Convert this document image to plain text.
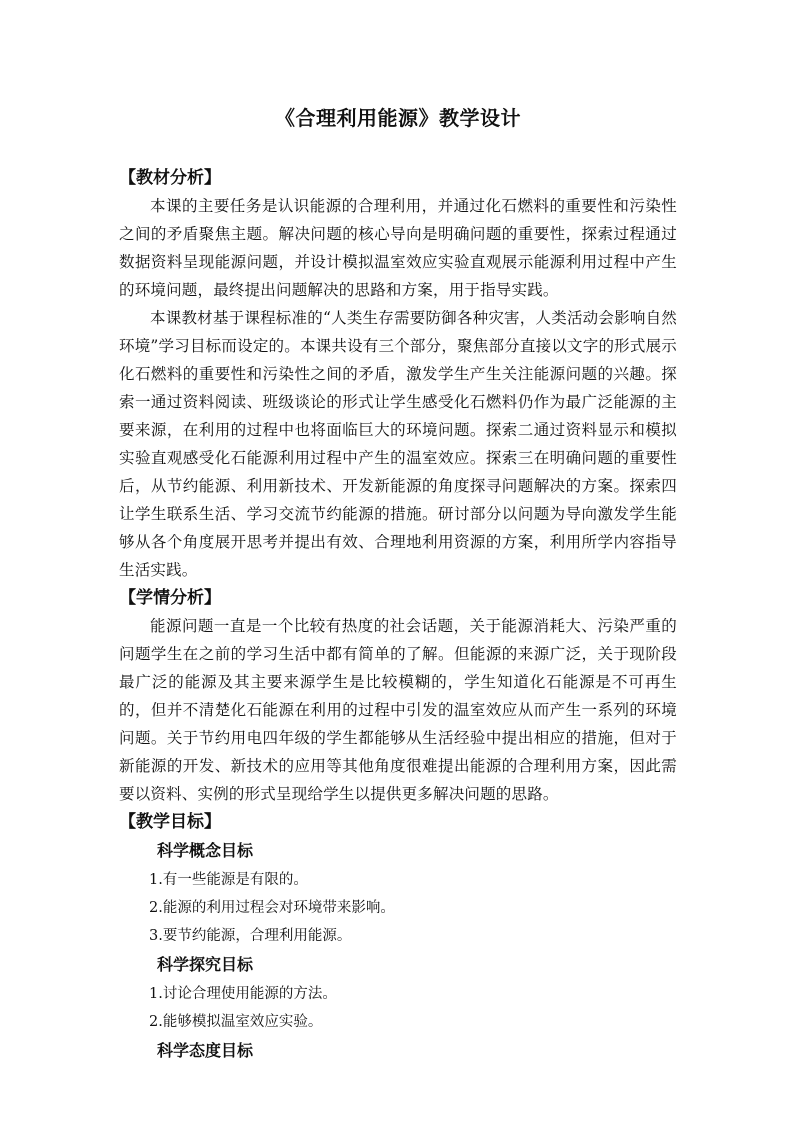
《合理利用能源》教学设计
【教材分析】

本课的主要任务是认识能源的合理利用，并通过化石燃料的重要性和污染性之间的矛盾聚焦主题。解决问题的核心导向是明确问题的重要性，探索过程通过数据资料呈现能源问题，并设计模拟温室效应实验直观展示能源利用过程中产生的环境问题，最终提出问题解决的思路和方案，用于指导实践。

本课教材基于课程标准的“人类生存需要防御各种灾害，人类活动会影响自然环境”学习目标而设定的。本课共设有三个部分，聚焦部分直接以文字的形式展示化石燃料的重要性和污染性之间的矛盾，激发学生产生关注能源问题的兴趣。探索一通过资料阅读、班级谈论的形式让学生感受化石燃料仍作为最广泛能源的主要来源，在利用的过程中也将面临巨大的环境问题。探索二通过资料显示和模拟实验直观感受化石能源利用过程中产生的温室效应。探索三在明确问题的重要性后，从节约能源、利用新技术、开发新能源的角度探寻问题解决的方案。探索四让学生联系生活、学习交流节约能源的措施。研讨部分以问题为导向激发学生能够从各个角度展开思考并提出有效、合理地利用资源的方案，利用所学内容指导生活实践。

【学情分析】

能源问题一直是一个比较有热度的社会话题，关于能源消耗大、污染严重的问题学生在之前的学习生活中都有简单的了解。但能源的来源广泛，关于现阶段最广泛的能源及其主要来源学生是比较模糊的，学生知道化石能源是不可再生的，但并不清楚化石能源在利用的过程中引发的温室效应从而产生一系列的环境问题。关于节约用电四年级的学生都能够从生活经验中提出相应的措施，但对于新能源的开发、新技术的应用等其他角度很难提出能源的合理利用方案，因此需要以资料、实例的形式呈现给学生以提供更多解决问题的思路。

【教学目标】
科学概念目标
1.有一些能源是有限的。
2.能源的利用过程会对环境带来影响。
3.要节约能源，合理利用能源。
科学探究目标
1.讨论合理使用能源的方法。
2.能够模拟温室效应实验。
科学态度目标
